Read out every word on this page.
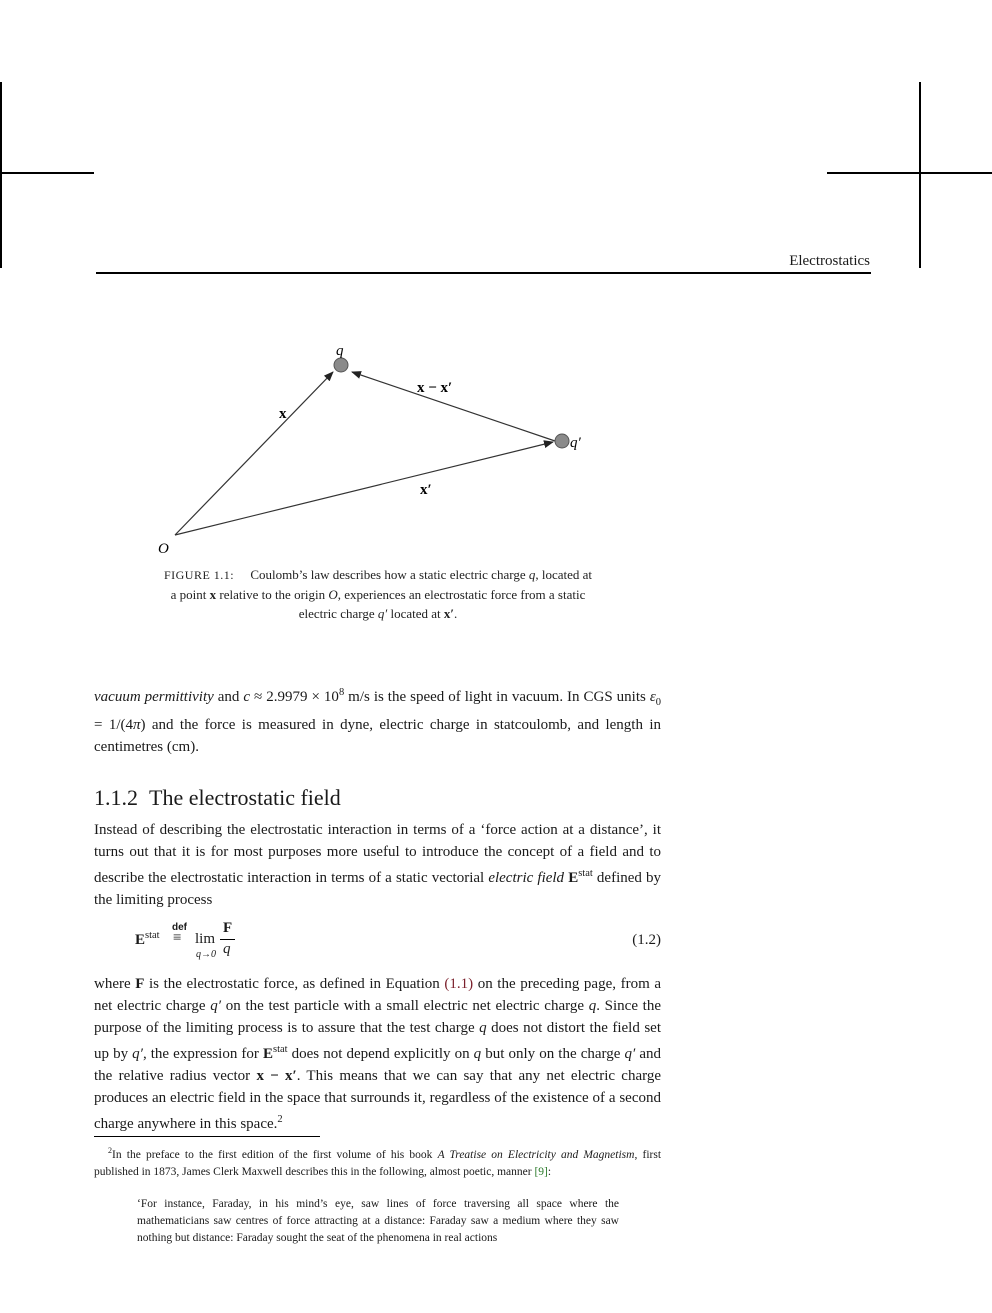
Electrostatics
q
q′
x
x − x′
x′
O
FIGURE 1.1: Coulomb’s law describes how a static electric charge q, located at
a point x relative to the origin O, experiences an electrostatic force from a static
electric charge q′ located at x′.
vacuum permittivity and $c \approx 2.9979 \times 10^8$ m/s is the speed of light in vacuum. In CGS units $\varepsilon_0 = 1/(4\pi)$ and the force is measured in dyne, electric charge in statcoulomb, and length in centimetres (cm).
1.1.2 The electrostatic field
Instead of describing the electrostatic interaction in terms of a ‘force action at a distance’, it turns out that it is for most purposes more useful to introduce the concept of a field and to describe the electrostatic interaction in terms of a static vectorial electric field $E^{stat}$ defined by the limiting process
$E^{stat}$
def
≡ lim
q→0
F
q
(1.2)
where F is the electrostatic force, as defined in Equation (1.1) on the preceding page, from a net electric charge q′ on the test particle with a small electric net electric charge q. Since the purpose of the limiting process is to assure that the test charge q does not distort the field set up by q′, the expression for $E^{stat}$ does not depend explicitly on q but only on the charge q′ and the relative radius vector x − x′. This means that we can say that any net electric charge produces an electric field in the space that surrounds it, regardless of the existence of a second charge anywhere in this space.$^2$
$^2$In the preface to the first edition of the first volume of his book A Treatise on Electricity and Magnetism, first published in 1873, James Clerk Maxwell describes this in the following, almost poetic, manner [9]:
‘For instance, Faraday, in his mind’s eye, saw lines of force traversing all space where the mathematicians saw centres of force attracting at a distance: Faraday saw a medium where they saw nothing but distance: Faraday sought the seat of the phenomena in real actions
